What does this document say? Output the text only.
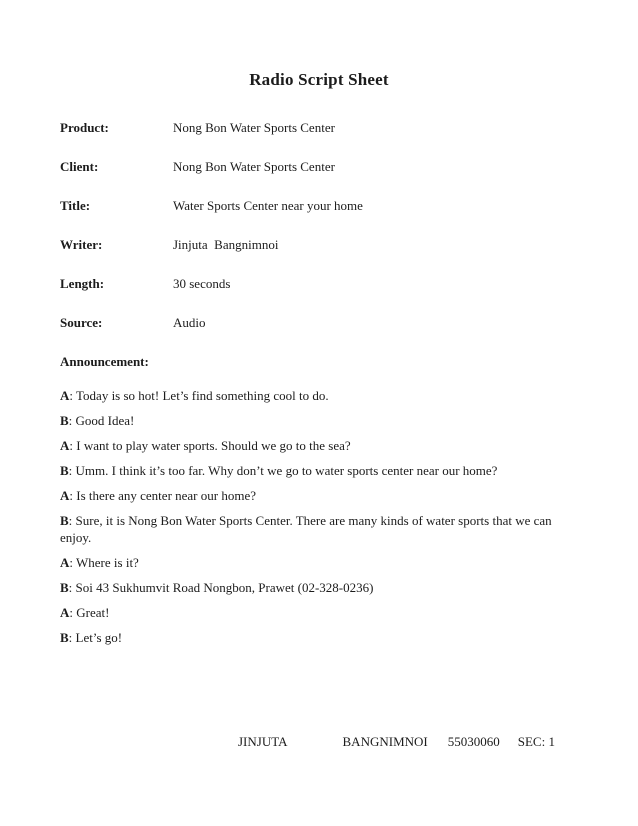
Radio Script Sheet
Product:	Nong Bon Water Sports Center
Client:	Nong Bon Water Sports Center
Title:	Water Sports Center near your home
Writer:	Jinjuta  Bangnimnoi
Length:	30 seconds
Source:	Audio
Announcement:

A: Today is so hot! Let’s find something cool to do.

B: Good Idea!

A: I want to play water sports. Should we go to the sea?

B: Umm. I think it’s too far. Why don’t we go to water sports center near our home?

A: Is there any center near our home?

B: Sure, it is Nong Bon Water Sports Center. There are many kinds of water sports that we can enjoy.

A: Where is it?

B: Soi 43 Sukhumvit Road Nongbon, Prawet (02-328-0236)

A: Great!

B: Let’s go!

JINJUTA	BANGNIMNOI 55030060 SEC: 1
